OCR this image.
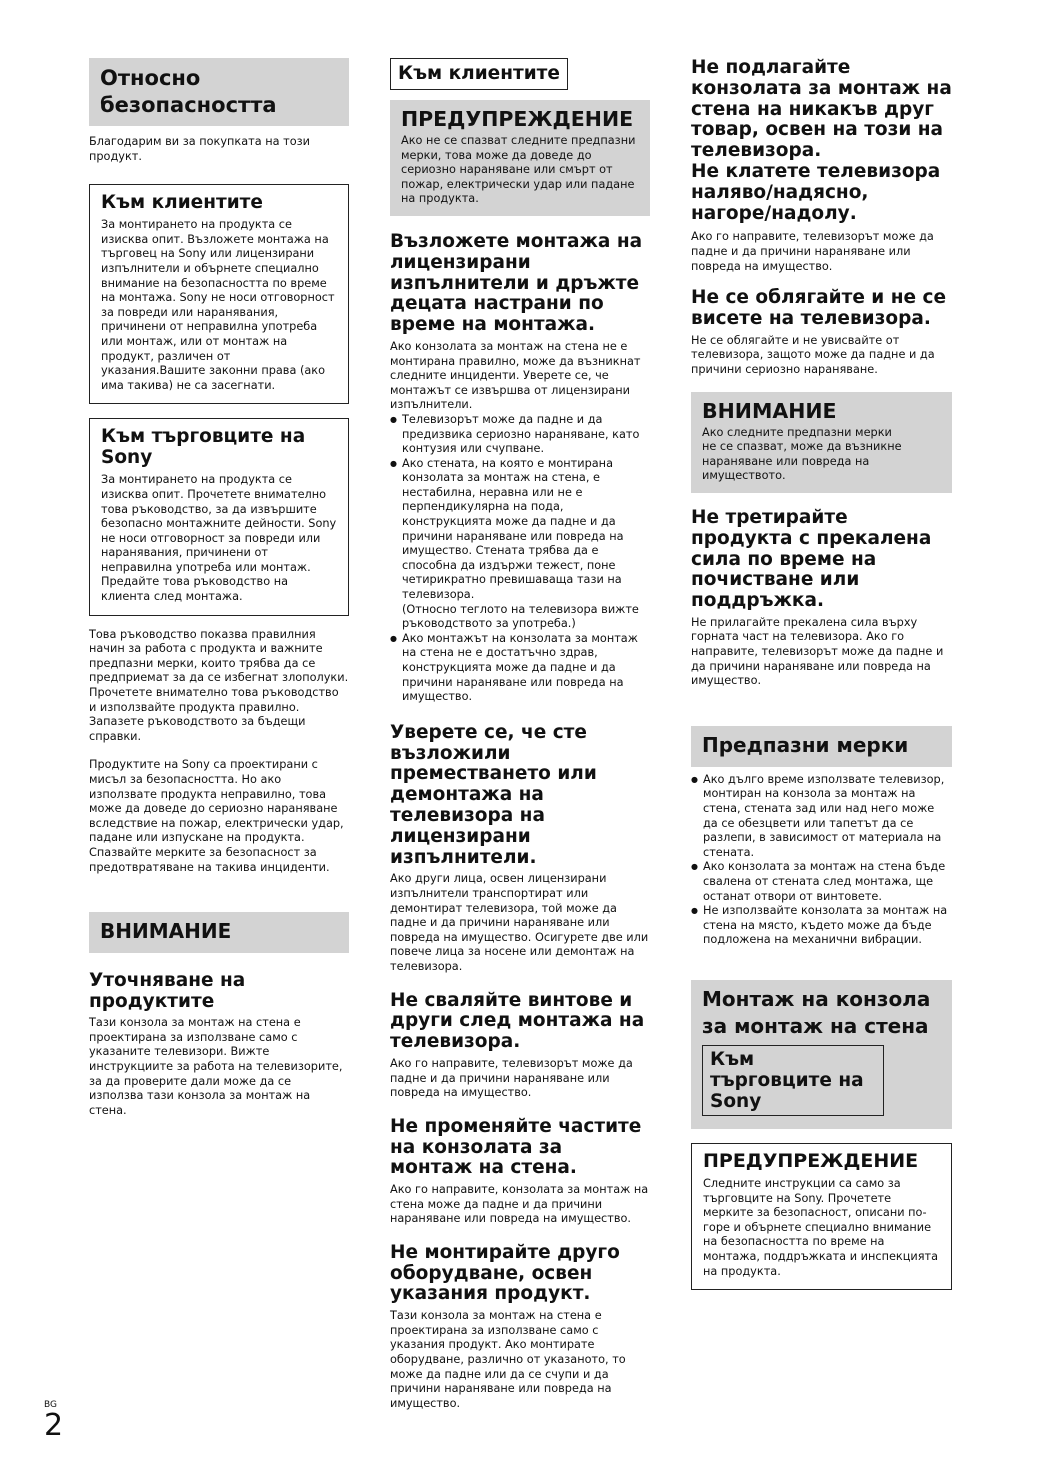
Относно безопасността

Благодарим ви за покупката на този продукт.

Към клиентите

За монтирането на продукта се изисква опит. Възложете монтажа на търговец на Sony или лицензирани изпълнители и обърнете специално внимание на безопасността по време на монтажа. Sony не носи отговорност за повреди или наранявания, причинени от неправилна употреба или монтаж, или от монтаж на продукт, различен от указания.Вашите законни права (ако има такива) не са засегнати.

Към търговците на Sony

За монтирането на продукта се изисква опит. Прочетете внимателно това ръководство, за да извършите безопасно монтажните дейности. Sony не носи отговорност за повреди или наранявания, причинени от неправилна употреба или монтаж. Предайте това ръководство на клиента след монтажа.

Това ръководство показва правилния начин за работа с продукта и важните предпазни мерки, които трябва да се предприемат за да се избегнат злополуки. Прочетете внимателно това ръководство и използвайте продукта правилно. Запазете ръководството за бъдещи справки.

Продуктите на Sony са проектирани с мисъл за безопасността. Но ако използвате продукта неправилно, това може да доведе до сериозно нараняване вследствие на пожар, електрически удар, падане или изпускане на продукта. Спазвайте мерките за безопасност за предотвратяване на такива инциденти.

ВНИМАНИЕ
Уточняване на продуктите

Тази конзола за монтаж на стена е проектирана за използване само с указаните телевизори. Вижте инструкциите за работа на телевизорите, за да проверите дали може да се използва тази конзола за монтаж на стена.

Към клиентите
ПРЕДУПРЕЖДЕНИЕ

Ако не се спазват следните предпазни мерки, това може да доведе до сериозно нараняване или смърт от пожар, електрически удар или падане на продукта.

Възложете монтажа на лицензирани изпълнители и дръжте децата настрани по време на монтажа.

Ако конзолата за монтаж на стена не е монтирана правилно, може да възникнат следните инциденти. Уверете се, че монтажът се извършва от лицензирани изпълнители.

● Телевизорът може да падне и да предизвика сериозно нараняване, като контузия или счупване.
● Ако стената, на която е монтирана конзолата за монтаж на стена, е нестабилна, неравна или не е перпендикулярна на пода, конструкцията може да падне и да причини нараняване или повреда на имущество. Стената трябва да е способна да издържи тежест, поне четирикратно превишаваща тази на телевизора.
(Относно теглото на телевизора вижте ръководството за употреба.)
● Ако монтажът на конзолата за монтаж на стена не е достатъчно здрав, конструкцията може да падне и да причини нараняване или повреда на имущество.
Уверете се, че сте възложили преместването или демонтажа на телевизора на лицензирани изпълнители.

Ако други лица, освен лицензирани изпълнители транспортират или демонтират телевизора, той може да падне и да причини нараняване или повреда на имущество. Осигурете две или повече лица за носене или демонтаж на телевизора.

Не сваляйте винтове и други след монтажа на телевизора.

Ако го направите, телевизорът може да падне и да причини нараняване или повреда на имущество.

Не променяйте частите на конзолата за монтаж на стена.

Ако го направите, конзолата за монтаж на стена може да падне и да причини нараняване или повреда на имущество.

Не монтирайте друго оборудване, освен указания продукт.

Тази конзола за монтаж на стена е проектирана за използване само с указания продукт. Ако монтирате оборудване, различно от указаното, то може да падне или да се счупи и да причини нараняване или повреда на имущество.

Не подлагайте конзолата за монтаж на стена на никакъв друг товар, освен на този на телевизора.
Не клатете телевизора наляво/надясно, нагоре/надолу.

Ако го направите, телевизорът може да падне и да причини нараняване или повреда на имущество.

Не се облягайте и не се висете на телевизора.

Не се облягайте и не увисвайте от телевизора, защото може да падне и да причини сериозно нараняване.

ВНИМАНИЕ

Ако следните предпазни мерки не се спазват, може да възникне нараняване или повреда на имуществото.

Не третирайте продукта с прекалена сила по време на почистване или поддръжка.

Не прилагайте прекалена сила върху горната част на телевизора. Ако го направите, телевизорът може да падне и да причини нараняване или повреда на имущество.

Предпазни мерки
● Ако дълго време използвате телевизор, монтиран на конзола за монтаж на стена, стената зад или над него може да се обезцвети или тапетът да се разлепи, в зависимост от материала на стената.
● Ако конзолата за монтаж на стена бъде свалена от стената след монтажа, ще останат отвори от винтовете.
● Не използвайте конзолата за монтаж на стена на място, където може да бъде подложена на механични вибрации.
Монтаж на конзола за монтаж на стена
Към търговците на Sony
ПРЕДУПРЕЖДЕНИЕ

Следните инструкции са само за търговците на Sony. Прочетете мерките за безопасност, описани по-горе и обърнете специално внимание на безопасността по време на монтажа, поддръжката и инспекцията на продукта.

BG
2
